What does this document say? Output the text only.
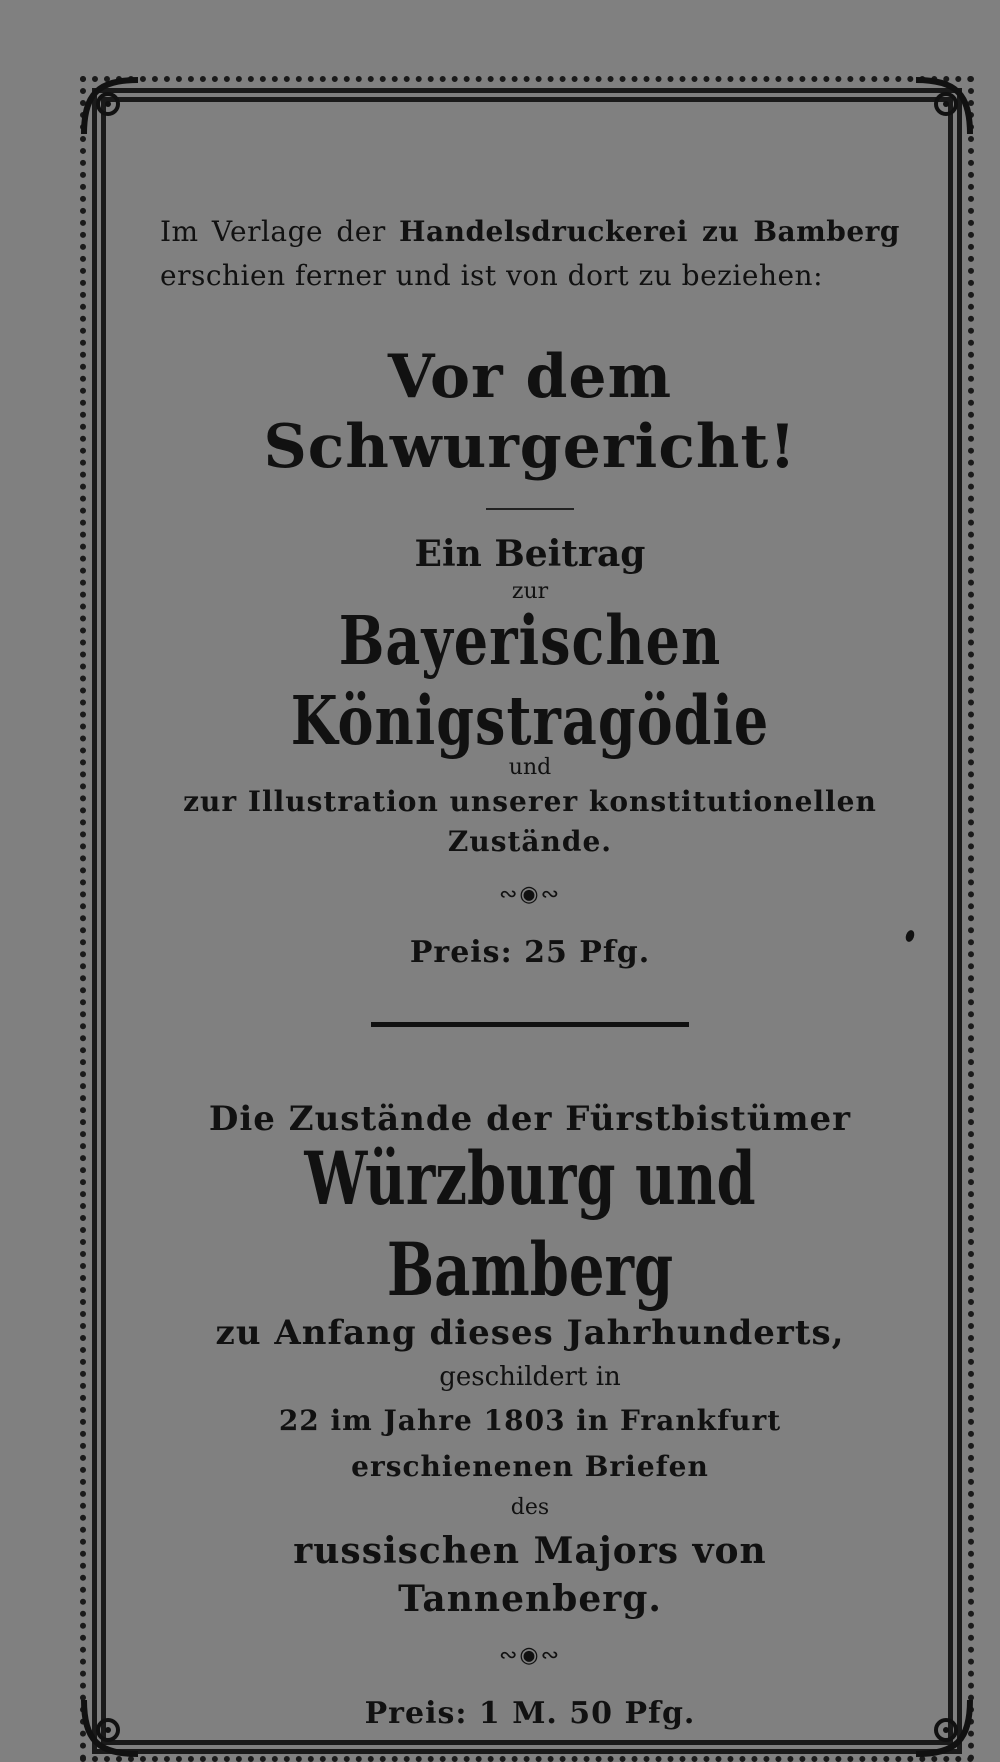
Im Verlage der Handelsdruckerei zu Bamberg erschien ferner und ist von dort zu beziehen:

Vor dem Schwurgericht!
Ein Beitrag
zur
Bayerischen Königstragödie
und
zur Illustration unserer konstitutionellen Zustände.
∾◉∾
Preis: 25 Pfg.
Die Zustände der Fürstbistümer
Würzburg und Bamberg
zu Anfang dieses Jahrhunderts,
geschildert in
22 im Jahre 1803 in Frankfurt
erschienenen Briefen
des
russischen Majors von Tannenberg.
∾◉∾
Preis: 1 M. 50 Pfg.
